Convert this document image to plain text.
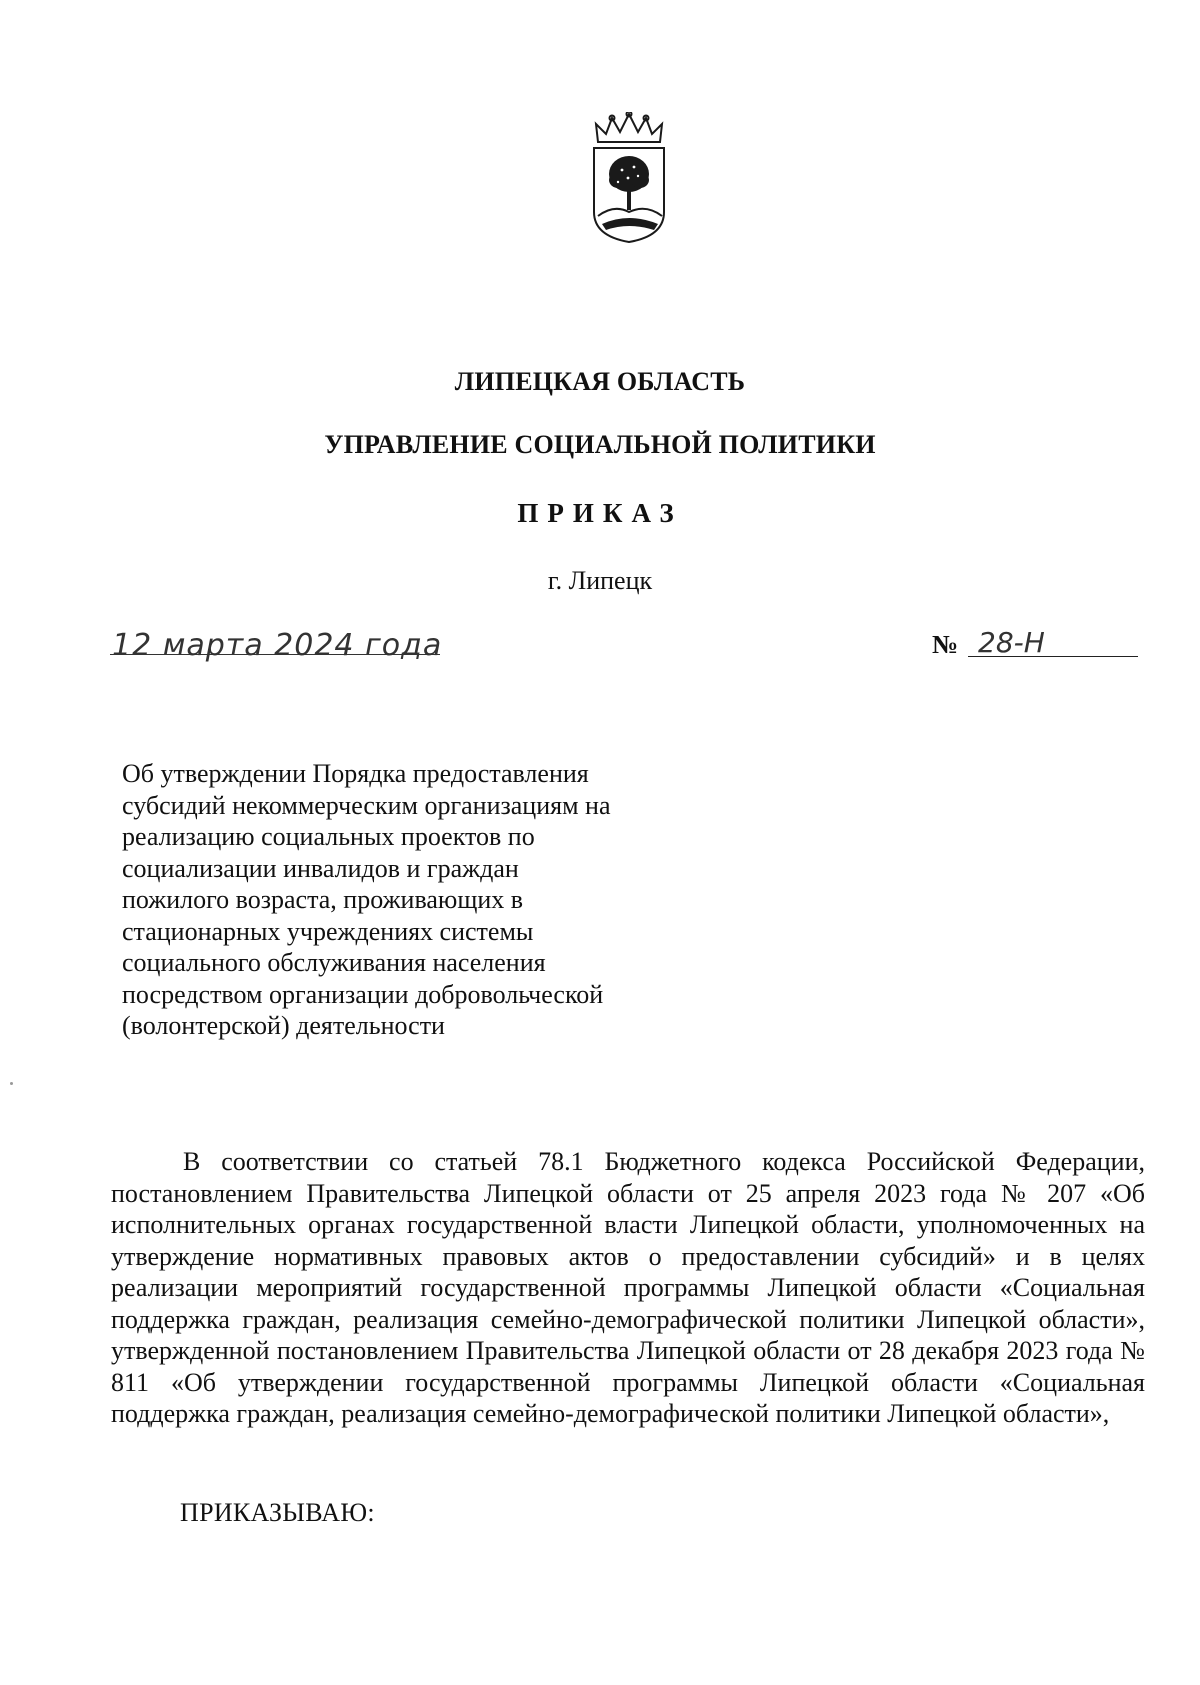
ЛИПЕЦКАЯ ОБЛАСТЬ
УПРАВЛЕНИЕ СОЦИАЛЬНОЙ ПОЛИТИКИ
ПРИКАЗ
г. Липецк
12 марта 2024 года	№ 28-Н
Об утверждении Порядка предоставления
субсидий некоммерческим организациям на
реализацию социальных проектов по
социализации инвалидов и граждан
пожилого возраста, проживающих в
стационарных учреждениях системы
социального обслуживания населения
посредством организации добровольческой
(волонтерской) деятельности
В соответствии со статьей 78.1 Бюджетного кодекса Российской Федерации, постановлением Правительства Липецкой области от 25 апреля 2023 года № 207 «Об исполнительных органах государственной власти Липецкой области, уполномоченных на утверждение нормативных правовых актов о предоставлении субсидий» и в целях реализации мероприятий государственной программы Липецкой области «Социальная поддержка граждан, реализация семейно-демографической политики Липецкой области», утвержденной постановлением Правительства Липецкой области от 28 декабря 2023 года № 811 «Об утверждении государственной программы Липецкой области «Социальная поддержка граждан, реализация семейно-демографической политики Липецкой области»,
ПРИКАЗЫВАЮ:
